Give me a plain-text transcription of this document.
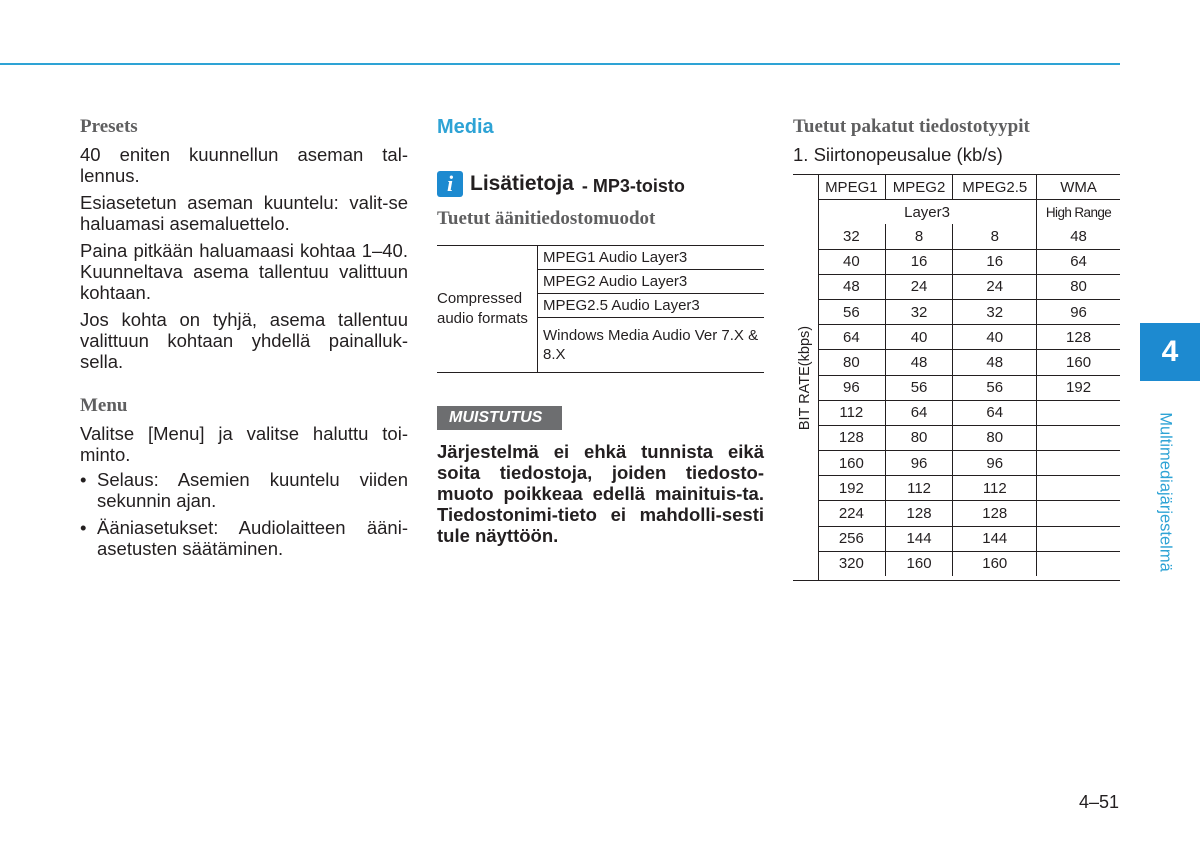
Presets

40 eniten kuunnellun aseman tal-lennus.

Esiasetetun aseman kuuntelu: valit-se haluamasi asemaluettelo.

Paina pitkään haluamaasi kohtaa 1–40. Kuunneltava asema tallentuu valittuun kohtaan.

Jos kohta on tyhjä, asema tallentuu valittuun kohtaan yhdellä painalluk-sella.

Menu

Valitse [Menu] ja valitse haluttu toi-minto.

• Selaus: Asemien kuuntelu viiden sekunnin ajan.
• Ääniasetukset: Audiolaitteen ääni-asetusten säätäminen.
Media
i Lisätietoja - MP3-toisto
Tuetut äänitiedostomuodot
Compressed audio formats	MPEG1 Audio Layer3
MPEG2 Audio Layer3
MPEG2.5 Audio Layer3
Windows Media Audio Ver 7.X & 8.X
MUISTUTUS

Järjestelmä ei ehkä tunnista eikä soita tiedostoja, joiden tiedosto-muoto poikkeaa edellä mainituis-ta. Tiedostonimi-tieto ei mahdolli-sesti tule näyttöön.

Tuetut pakatut tiedostotyypit
1. Siirtonopeusalue (kb/s)
BIT RATE(kbps)
MPEG1	MPEG2	MPEG2.5	WMA
Layer3			High Range
32	8	8	48
40	16	16	64
48	24	24	80
56	32	32	96
64	40	40	128
80	48	48	160
96	56	56	192
112	64	64	
128	80	80	
160	96	96	
192	112	112	
224	128	128	
256	144	144	
320	160	160	
4
Multimediajärjestelmä
4–51
